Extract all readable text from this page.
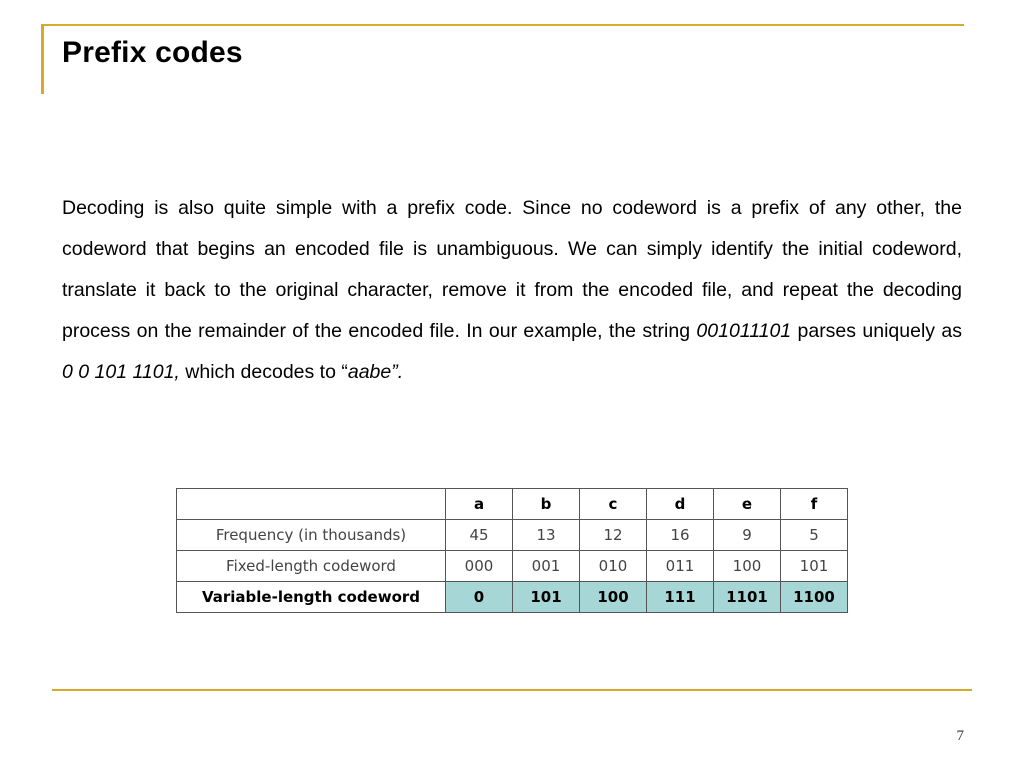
Prefix codes

Decoding is also quite simple with a prefix code. Since no codeword is a prefix of any other, the codeword that begins an encoded file is unambiguous. We can simply identify the initial codeword, translate it back to the original character, remove it from the encoded file, and repeat the decoding process on the remainder of the encoded file. In our example, the string 001011101 parses uniquely as 0 0 101 1101, which decodes to “aabe”.

	a	b	c	d	e	f
Frequency (in thousands)	45	13	12	16	9	5
Fixed-length codeword	000	001	010	011	100	101
Variable-length codeword	0	101	100	111	1101	1100
7
